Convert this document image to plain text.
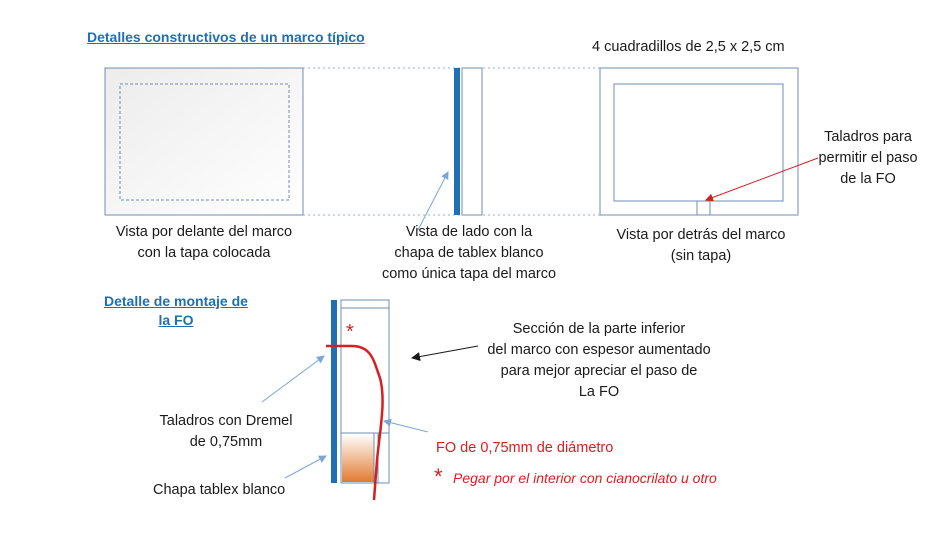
Detalles constructivos de un marco típico
Detalle de montaje de
la FO
4 cuadradillos de 2,5 x 2,5 cm
Vista por delante del marco
con la tapa colocada
Vista de lado con la
chapa de tablex blanco
como única tapa del marco
Vista por detrás del marco
(sin tapa)
Taladros para
permitir el paso
de la FO
Sección de la parte inferior
del marco con espesor aumentado
para mejor apreciar el paso de
La FO
Taladros con Dremel
de 0,75mm
Chapa tablex blanco
*
FO de 0,75mm de diámetro
* Pegar por el interior con cianocrilato u otro
